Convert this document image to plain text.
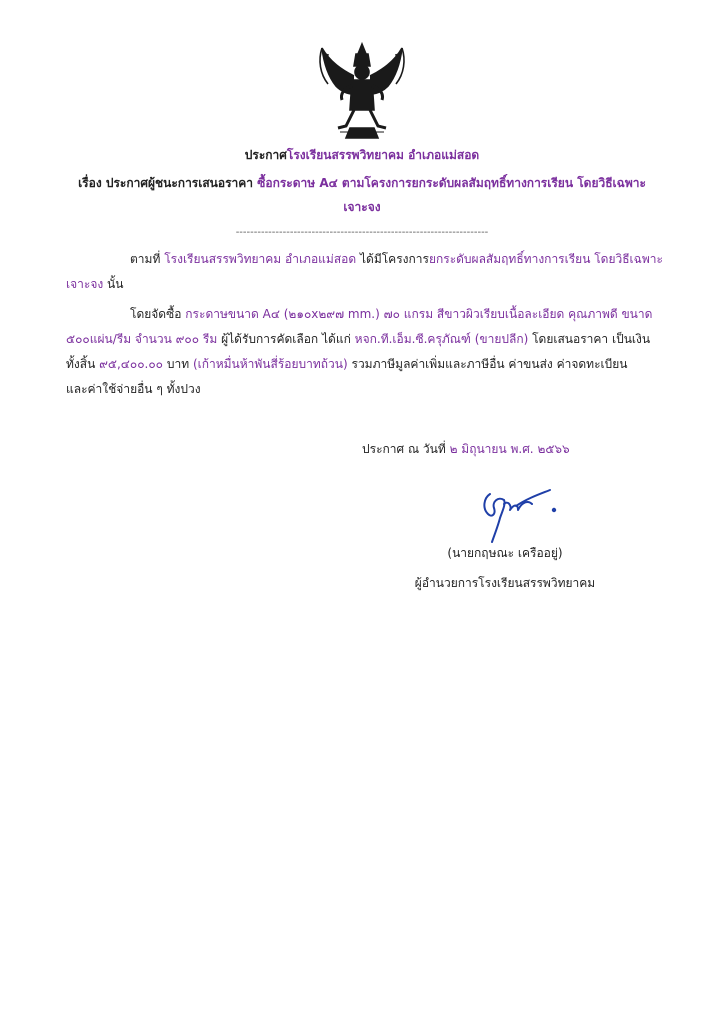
ประกาศโรงเรียนสรรพวิทยาคม อำเภอแม่สอด
เรื่อง ประกาศผู้ชนะการเสนอราคา ซื้อกระดาษ A๔ ตามโครงการยกระดับผลสัมฤทธิ์ทางการเรียน โดยวิธีเฉพาะ
เจาะจง
----------------------------------------------------------------------
ตามที่ โรงเรียนสรรพวิทยาคม อำเภอแม่สอด ได้มีโครงการยกระดับผลสัมฤทธิ์ทางการเรียน โดยวิธีเฉพาะ
เจาะจง นั้น
โดยจัดซื้อ กระดาษขนาด A๔ (๒๑๐x๒๙๗ mm.) ๗๐ แกรม สีขาวผิวเรียบเนื้อละเอียด คุณภาพดี ขนาด
๕๐๐แผ่น/รีม จำนวน ๙๐๐ รีม ผู้ได้รับการคัดเลือก ได้แก่ หจก.ที.เอ็ม.ซี.ครุภัณฑ์ (ขายปลีก) โดยเสนอราคา เป็นเงิน
ทั้งสิ้น ๙๕,๔๐๐.๐๐ บาท (เก้าหมื่นห้าพันสี่ร้อยบาทถ้วน) รวมภาษีมูลค่าเพิ่มและภาษีอื่น ค่าขนส่ง ค่าจดทะเบียน
และค่าใช้จ่ายอื่น ๆ ทั้งปวง
ประกาศ ณ วันที่ ๒ มิถุนายน พ.ศ. ๒๕๖๖
(นายกฤษณะ เครืออยู่)
ผู้อำนวยการโรงเรียนสรรพวิทยาคม
